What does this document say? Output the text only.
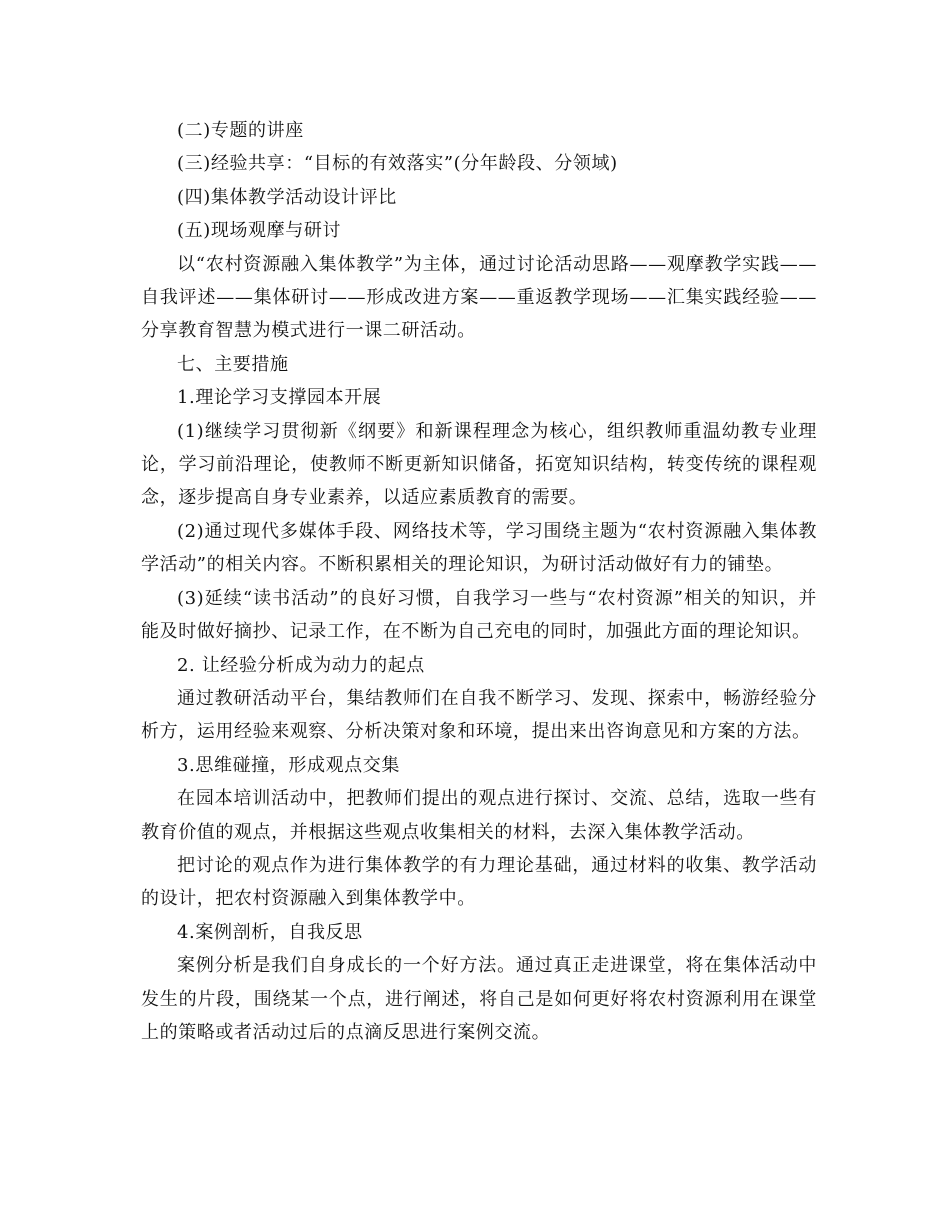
(二)专题的讲座

(三)经验共享：“目标的有效落实”(分年龄段、分领域)

(四)集体教学活动设计评比

(五)现场观摩与研讨

以“农村资源融入集体教学”为主体，通过讨论活动思路——观摩教学实践——自我评述——集体研讨——形成改进方案——重返教学现场——汇集实践经验——分享教育智慧为模式进行一课二研活动。

七、主要措施

1.理论学习支撑园本开展

(1)继续学习贯彻新《纲要》和新课程理念为核心，组织教师重温幼教专业理论，学习前沿理论，使教师不断更新知识储备，拓宽知识结构，转变传统的课程观念，逐步提高自身专业素养，以适应素质教育的需要。

(2)通过现代多媒体手段、网络技术等，学习围绕主题为“农村资源融入集体教学活动”的相关内容。不断积累相关的理论知识，为研讨活动做好有力的铺垫。

(3)延续“读书活动”的良好习惯，自我学习一些与“农村资源”相关的知识，并能及时做好摘抄、记录工作，在不断为自己充电的同时，加强此方面的理论知识。

2. 让经验分析成为动力的起点

通过教研活动平台，集结教师们在自我不断学习、发现、探索中，畅游经验分析方，运用经验来观察、分析决策对象和环境，提出来出咨询意见和方案的方法。

3.思维碰撞，形成观点交集

在园本培训活动中，把教师们提出的观点进行探讨、交流、总结，选取一些有教育价值的观点，并根据这些观点收集相关的材料，去深入集体教学活动。

把讨论的观点作为进行集体教学的有力理论基础，通过材料的收集、教学活动的设计，把农村资源融入到集体教学中。

4.案例剖析，自我反思

案例分析是我们自身成长的一个好方法。通过真正走进课堂，将在集体活动中发生的片段，围绕某一个点，进行阐述，将自己是如何更好将农村资源利用在课堂上的策略或者活动过后的点滴反思进行案例交流。
